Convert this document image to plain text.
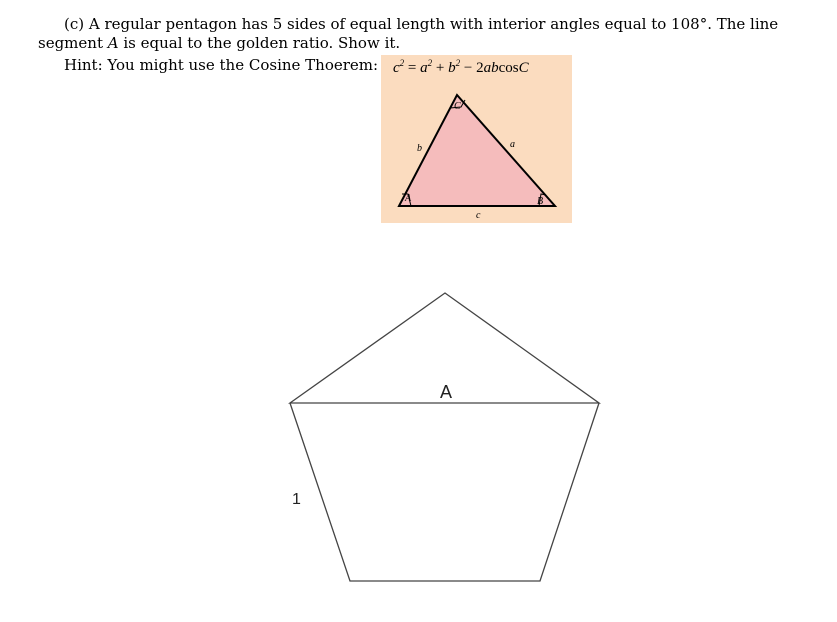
(c) A regular pentagon has 5 sides of equal length with interior angles equal to 108°. The line segment A is equal to the golden ratio. Show it.

Hint: You might use the Cosine Thoerem: $c^2 = a^2 + b^2 - 2abcosC$
A
C
B
b	a
c
A
1
